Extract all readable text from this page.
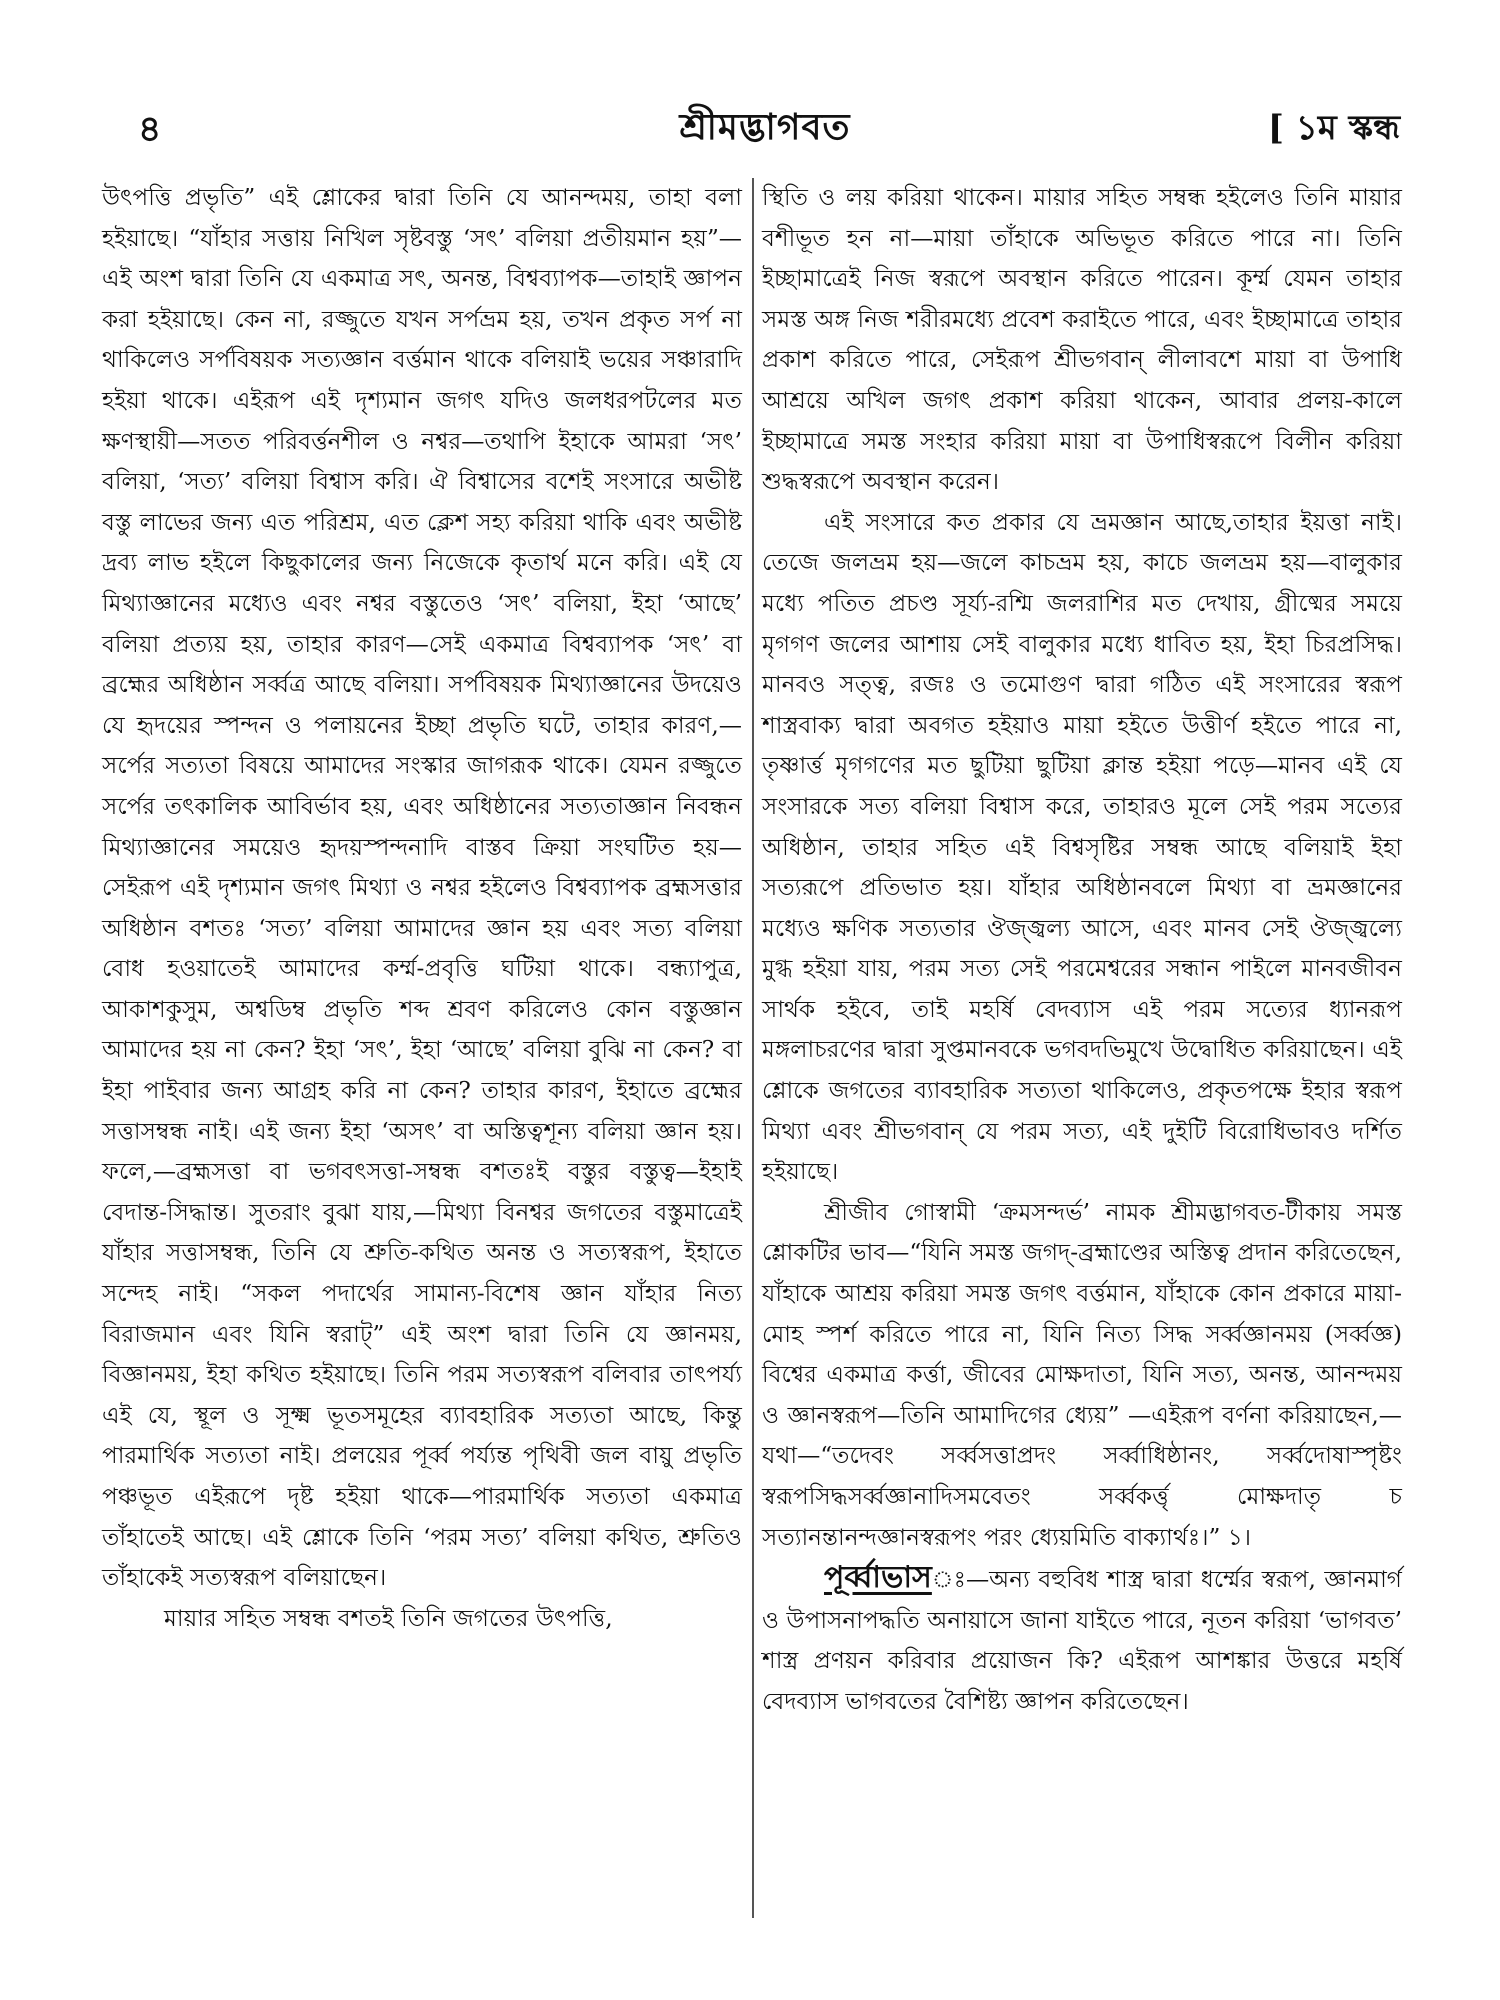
৪	শ্রীমদ্ভাগবত	[ ১ম স্কন্ধ

উৎপত্তি প্রভৃতি” এই শ্লোকের দ্বারা তিনি যে আনন্দময়, তাহা বলা হইয়াছে। “যাঁহার সত্তায় নিখিল সৃষ্টবস্তু ‘সৎ’ বলিয়া প্রতীয়মান হয়”—এই অংশ দ্বারা তিনি যে একমাত্র সৎ, অনন্ত, বিশ্বব্যাপক—তাহাই জ্ঞাপন করা হইয়াছে। কেন না, রজ্জুতে যখন সর্পভ্রম হয়, তখন প্রকৃত সর্প না থাকিলেও সর্পবিষয়ক সত্যজ্ঞান বর্ত্তমান থাকে বলিয়াই ভয়ের সঞ্চারাদি হইয়া থাকে। এইরূপ এই দৃশ্যমান জগৎ যদিও জলধরপটলের মত ক্ষণস্থায়ী—সতত পরিবর্ত্তনশীল ও নশ্বর—তথাপি ইহাকে আমরা ‘সৎ’ বলিয়া, ‘সত্য’ বলিয়া বিশ্বাস করি। ঐ বিশ্বাসের বশেই সংসারে অভীষ্ট বস্তু লাভের জন্য এত পরিশ্রম, এত ক্লেশ সহ্য করিয়া থাকি এবং অভীষ্ট দ্রব্য লাভ হইলে কিছুকালের জন্য নিজেকে কৃতার্থ মনে করি। এই যে মিথ্যাজ্ঞানের মধ্যেও এবং নশ্বর বস্তুতেও ‘সৎ’ বলিয়া, ইহা ‘আছে’ বলিয়া প্রত্যয় হয়, তাহার কারণ—সেই একমাত্র বিশ্বব্যাপক ‘সৎ’ বা ব্রহ্মের অধিষ্ঠান সর্ব্বত্র আছে বলিয়া। সর্পবিষয়ক মিথ্যাজ্ঞানের উদয়েও যে হৃদয়ের স্পন্দন ও পলায়নের ইচ্ছা প্রভৃতি ঘটে, তাহার কারণ,—সর্পের সত্যতা বিষয়ে আমাদের সংস্কার জাগরূক থাকে। যেমন রজ্জুতে সর্পের তৎকালিক আবির্ভাব হয়, এবং অধিষ্ঠানের সত্যতাজ্ঞান নিবন্ধন মিথ্যাজ্ঞানের সময়েও হৃদয়স্পন্দনাদি বাস্তব ক্রিয়া সংঘটিত হয়—সেইরূপ এই দৃশ্যমান জগৎ মিথ্যা ও নশ্বর হইলেও বিশ্বব্যাপক ব্রহ্মসত্তার অধিষ্ঠান বশতঃ ‘সত্য’ বলিয়া আমাদের জ্ঞান হয় এবং সত্য বলিয়া বোধ হওয়াতেই আমাদের কর্ম্ম-প্রবৃত্তি ঘটিয়া থাকে। বন্ধ্যাপুত্র, আকাশকুসুম, অশ্বডিম্ব প্রভৃতি শব্দ শ্রবণ করিলেও কোন বস্তুজ্ঞান আমাদের হয় না কেন? ইহা ‘সৎ’, ইহা ‘আছে’ বলিয়া বুঝি না কেন? বা ইহা পাইবার জন্য আগ্রহ করি না কেন? তাহার কারণ, ইহাতে ব্রহ্মের সত্তাসম্বন্ধ নাই। এই জন্য ইহা ‘অসৎ’ বা অস্তিত্বশূন্য বলিয়া জ্ঞান হয়। ফলে,—ব্রহ্মসত্তা বা ভগবৎসত্তা-সম্বন্ধ বশতঃই বস্তুর বস্তুত্ব—ইহাই বেদান্ত-সিদ্ধান্ত। সুতরাং বুঝা যায়,—মিথ্যা বিনশ্বর জগতের বস্তুমাত্রেই যাঁহার সত্তাসম্বন্ধ, তিনি যে শ্রুতি-কথিত অনন্ত ও সত্যস্বরূপ, ইহাতে সন্দেহ নাই। “সকল পদার্থের সামান্য-বিশেষ জ্ঞান যাঁহার নিত্য বিরাজমান এবং যিনি স্বরাট্” এই অংশ দ্বারা তিনি যে জ্ঞানময়, বিজ্ঞানময়, ইহা কথিত হইয়াছে। তিনি পরম সত্যস্বরূপ বলিবার তাৎপর্য্য এই যে, স্থূল ও সূক্ষ্ম ভূতসমূহের ব্যাবহারিক সত্যতা আছে, কিন্তু পারমার্থিক সত্যতা নাই। প্রলয়ের পূর্ব্ব পর্য্যন্ত পৃথিবী জল বায়ু প্রভৃতি পঞ্চভূত এইরূপে দৃষ্ট হইয়া থাকে—পারমার্থিক সত্যতা একমাত্র তাঁহাতেই আছে। এই শ্লোকে তিনি ‘পরম সত্য’ বলিয়া কথিত, শ্রুতিও তাঁহাকেই সত্যস্বরূপ বলিয়াছেন।

মায়ার সহিত সম্বন্ধ বশতই তিনি জগতের উৎপত্তি,

স্থিতি ও লয় করিয়া থাকেন। মায়ার সহিত সম্বন্ধ হইলেও তিনি মায়ার বশীভূত হন না—মায়া তাঁহাকে অভিভূত করিতে পারে না। তিনি ইচ্ছামাত্রেই নিজ স্বরূপে অবস্থান করিতে পারেন। কূর্ম্ম যেমন তাহার সমস্ত অঙ্গ নিজ শরীরমধ্যে প্রবেশ করাইতে পারে, এবং ইচ্ছামাত্রে তাহার প্রকাশ করিতে পারে, সেইরূপ শ্রীভগবান্ লীলাবশে মায়া বা উপাধি আশ্রয়ে অখিল জগৎ প্রকাশ করিয়া থাকেন, আবার প্রলয়-কালে ইচ্ছামাত্রে সমস্ত সংহার করিয়া মায়া বা উপাধিস্বরূপে বিলীন করিয়া শুদ্ধস্বরূপে অবস্থান করেন।

এই সংসারে কত প্রকার যে ভ্রমজ্ঞান আছে,তাহার ইয়ত্তা নাই। তেজে জলভ্রম হয়—জলে কাচভ্রম হয়, কাচে জলভ্রম হয়—বালুকার মধ্যে পতিত প্রচণ্ড সূর্য্য-রশ্মি জলরাশির মত দেখায়, গ্রীষ্মের সময়ে মৃগগণ জলের আশায় সেই বালুকার মধ্যে ধাবিত হয়, ইহা চিরপ্রসিদ্ধ। মানবও সত্ত্ব, রজঃ ও তমোগুণ দ্বারা গঠিত এই সংসারের স্বরূপ শাস্ত্রবাক্য দ্বারা অবগত হইয়াও মায়া হইতে উত্তীর্ণ হইতে পারে না, তৃষ্ণার্ত্ত মৃগগণের মত ছুটিয়া ছুটিয়া ক্লান্ত হইয়া পড়ে—মানব এই যে সংসারকে সত্য বলিয়া বিশ্বাস করে, তাহারও মূলে সেই পরম সত্যের অধিষ্ঠান, তাহার সহিত এই বিশ্বসৃষ্টির সম্বন্ধ আছে বলিয়াই ইহা সত্যরূপে প্রতিভাত হয়। যাঁহার অধিষ্ঠানবলে মিথ্যা বা ভ্রমজ্ঞানের মধ্যেও ক্ষণিক সত্যতার ঔজ্জ্বল্য আসে, এবং মানব সেই ঔজ্জ্বল্যে মুগ্ধ হইয়া যায়, পরম সত্য সেই পরমেশ্বরের সন্ধান পাইলে মানবজীবন সার্থক হইবে, তাই মহর্ষি বেদব্যাস এই পরম সত্যের ধ্যানরূপ মঙ্গলাচরণের দ্বারা সুপ্তমানবকে ভগবদভিমুখে উদ্বোধিত করিয়াছেন। এই শ্লোকে জগতের ব্যাবহারিক সত্যতা থাকিলেও, প্রকৃতপক্ষে ইহার স্বরূপ মিথ্যা এবং শ্রীভগবান্ যে পরম সত্য, এই দুইটি বিরোধিভাবও দর্শিত হইয়াছে।

শ্রীজীব গোস্বামী ‘ক্রমসন্দর্ভ’ নামক শ্রীমদ্ভাগবত-টীকায় সমস্ত শ্লোকটির ভাব—“যিনি সমস্ত জগদ্-ব্রহ্মাণ্ডের অস্তিত্ব প্রদান করিতেছেন, যাঁহাকে আশ্রয় করিয়া সমস্ত জগৎ বর্ত্তমান, যাঁহাকে কোন প্রকারে মায়া-মোহ স্পর্শ করিতে পারে না, যিনি নিত্য সিদ্ধ সর্ব্বজ্ঞানময় (সর্ব্বজ্ঞ) বিশ্বের একমাত্র কর্ত্তা, জীবের মোক্ষদাতা, যিনি সত্য, অনন্ত, আনন্দময় ও জ্ঞানস্বরূপ—তিনি আমাদিগের ধ্যেয়” —এইরূপ বর্ণনা করিয়াছেন,—যথা—“তদেবং সর্ব্বসত্তাপ্রদং সর্ব্বাধিষ্ঠানং, সর্ব্বদোষাস্পৃষ্টং স্বরূপসিদ্ধসর্ব্বজ্ঞানাদিসমবেতং সর্ব্বকর্ত্তৃ মোক্ষদাতৃ চ সত্যানন্তানন্দজ্ঞানস্বরূপং পরং ধ্যেয়মিতি বাক্যার্থঃ।” ১।

পূর্ব্বাভাসঃ—অন্য বহুবিধ শাস্ত্র দ্বারা ধর্ম্মের স্বরূপ, জ্ঞানমার্গ ও উপাসনাপদ্ধতি অনায়াসে জানা যাইতে পারে, নূতন করিয়া ‘ভাগবত’ শাস্ত্র প্রণয়ন করিবার প্রয়োজন কি? এইরূপ আশঙ্কার উত্তরে মহর্ষি বেদব্যাস ভাগবতের বৈশিষ্ট্য জ্ঞাপন করিতেছেন।
